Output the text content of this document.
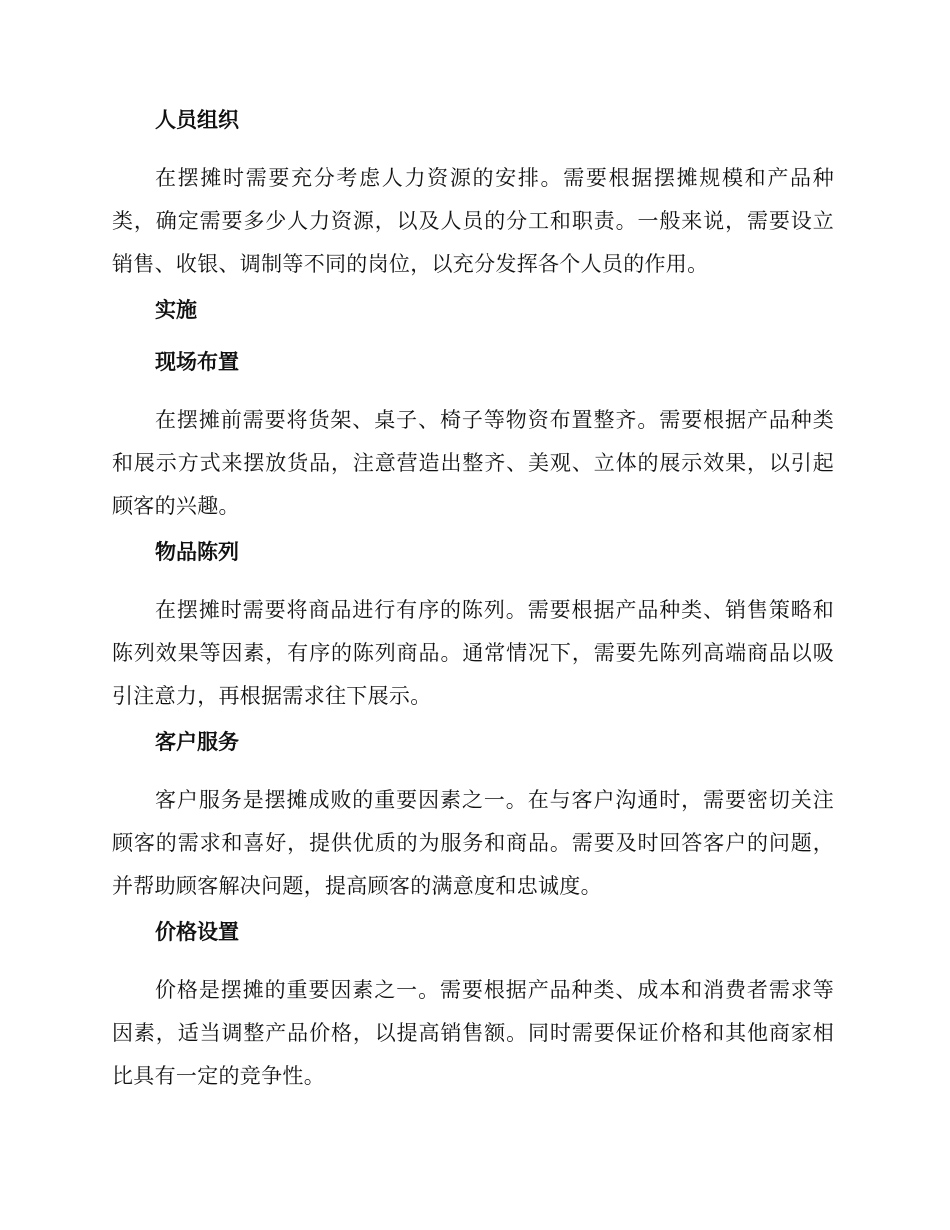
人员组织

在摆摊时需要充分考虑人力资源的安排。需要根据摆摊规模和产品种类，确定需要多少人力资源，以及人员的分工和职责。一般来说，需要设立销售、收银、调制等不同的岗位，以充分发挥各个人员的作用。

实施
现场布置

在摆摊前需要将货架、桌子、椅子等物资布置整齐。需要根据产品种类和展示方式来摆放货品，注意营造出整齐、美观、立体的展示效果，以引起顾客的兴趣。

物品陈列

在摆摊时需要将商品进行有序的陈列。需要根据产品种类、销售策略和陈列效果等因素，有序的陈列商品。通常情况下，需要先陈列高端商品以吸引注意力，再根据需求往下展示。

客户服务

客户服务是摆摊成败的重要因素之一。在与客户沟通时，需要密切关注顾客的需求和喜好，提供优质的为服务和商品。需要及时回答客户的问题，并帮助顾客解决问题，提高顾客的满意度和忠诚度。

价格设置

价格是摆摊的重要因素之一。需要根据产品种类、成本和消费者需求等因素，适当调整产品价格，以提高销售额。同时需要保证价格和其他商家相比具有一定的竞争性。
